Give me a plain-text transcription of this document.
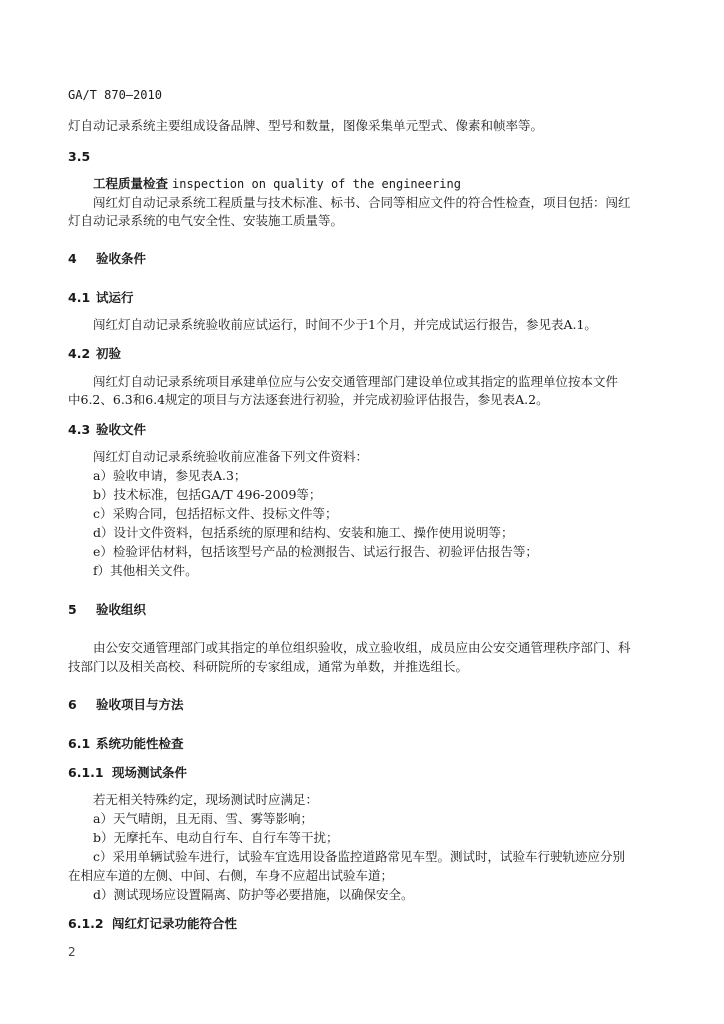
GA/T 870—2010
灯自动记录系统主要组成设备品牌、型号和数量，图像采集单元型式、像素和帧率等。
3.5
工程质量检查 inspection on quality of the engineering
闯红灯自动记录系统工程质量与技术标准、标书、合同等相应文件的符合性检查，项目包括：闯红
灯自动记录系统的电气安全性、安装施工质量等。
4 验收条件
4.1 试运行
闯红灯自动记录系统验收前应试运行，时间不少于1个月，并完成试运行报告，参见表A.1。
4.2 初验
闯红灯自动记录系统项目承建单位应与公安交通管理部门建设单位或其指定的监理单位按本文件
中6.2、6.3和6.4规定的项目与方法逐套进行初验，并完成初验评估报告，参见表A.2。
4.3 验收文件
闯红灯自动记录系统验收前应准备下列文件资料：
a）验收申请，参见表A.3；
b）技术标准，包括GA/T 496-2009等；
c）采购合同，包括招标文件、投标文件等；
d）设计文件资料，包括系统的原理和结构、安装和施工、操作使用说明等；
e）检验评估材料，包括该型号产品的检测报告、试运行报告、初验评估报告等；
f）其他相关文件。
5 验收组织
由公安交通管理部门或其指定的单位组织验收，成立验收组，成员应由公安交通管理秩序部门、科
技部门以及相关高校、科研院所的专家组成，通常为单数，并推选组长。
6 验收项目与方法
6.1 系统功能性检查
6.1.1 现场测试条件
若无相关特殊约定，现场测试时应满足：
a）天气晴朗，且无雨、雪、雾等影响；
b）无摩托车、电动自行车、自行车等干扰；
c）采用单辆试验车进行，试验车宜选用设备监控道路常见车型。测试时，试验车行驶轨迹应分别
在相应车道的左侧、中间、右侧，车身不应超出试验车道；
d）测试现场应设置隔离、防护等必要措施，以确保安全。
6.1.2 闯红灯记录功能符合性
2
